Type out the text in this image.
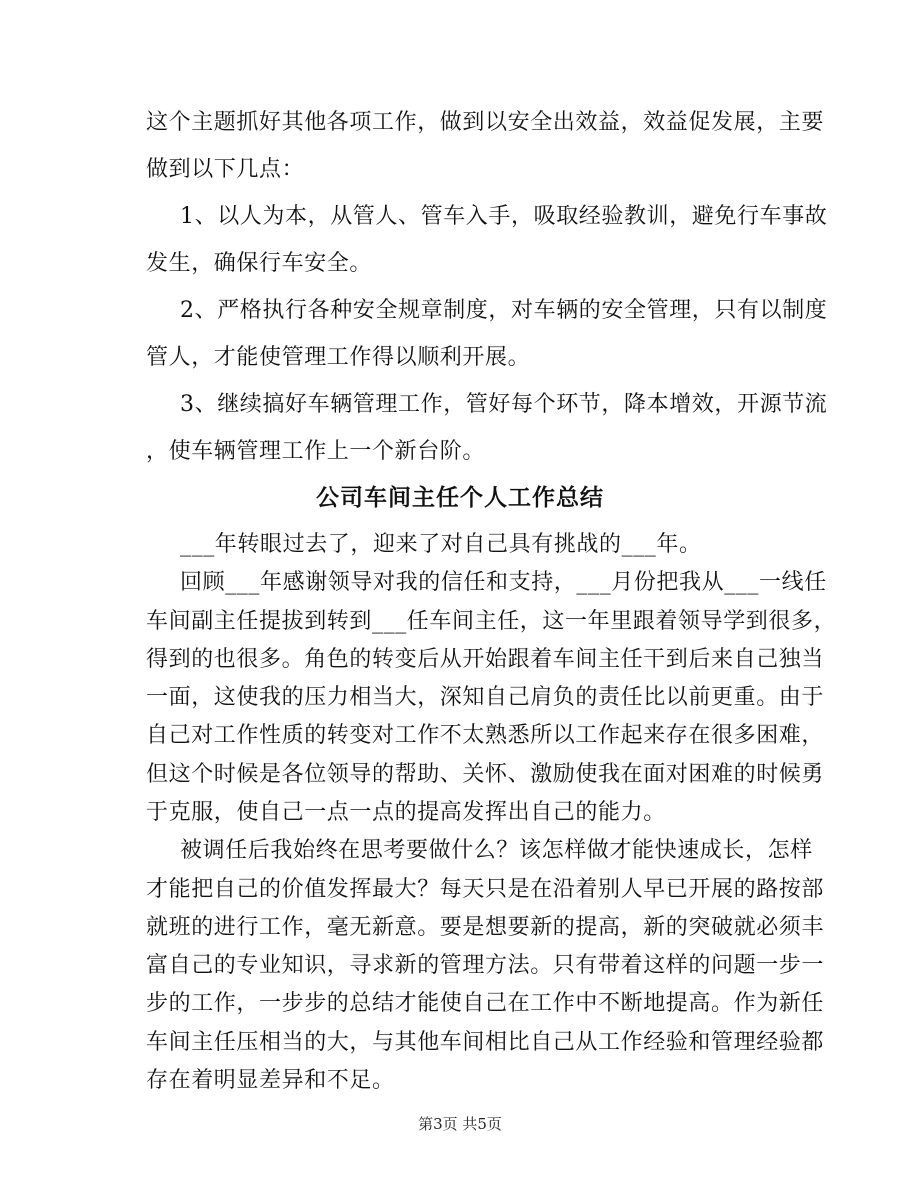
这个主题抓好其他各项工作，做到以安全出效益，效益促发展，主要
做到以下几点：
1、以人为本，从管人、管车入手，吸取经验教训，避免行车事故
发生，确保行车安全。
2、严格执行各种安全规章制度，对车辆的安全管理，只有以制度
管人，才能使管理工作得以顺利开展。
3、继续搞好车辆管理工作，管好每个环节，降本增效，开源节流
，使车辆管理工作上一个新台阶。
公司车间主任个人工作总结
___年转眼过去了，迎来了对自己具有挑战的___年。
回顾___年感谢领导对我的信任和支持，___月份把我从___一线任
车间副主任提拔到转到___任车间主任，这一年里跟着领导学到很多，
得到的也很多。角色的转变后从开始跟着车间主任干到后来自己独当
一面，这使我的压力相当大，深知自己肩负的责任比以前更重。由于
自己对工作性质的转变对工作不太熟悉所以工作起来存在很多困难，
但这个时候是各位领导的帮助、关怀、激励使我在面对困难的时候勇
于克服，使自己一点一点的提高发挥出自己的能力。
被调任后我始终在思考要做什么？该怎样做才能快速成长，怎样
才能把自己的价值发挥最大？每天只是在沿着别人早已开展的路按部
就班的进行工作，毫无新意。要是想要新的提高，新的突破就必须丰
富自己的专业知识，寻求新的管理方法。只有带着这样的问题一步一
步的工作，一步步的总结才能使自己在工作中不断地提高。作为新任
第3页 共5页
车间主任压相当的大，与其他车间相比自己从工作经验和管理经验都
存在着明显差异和不足。
